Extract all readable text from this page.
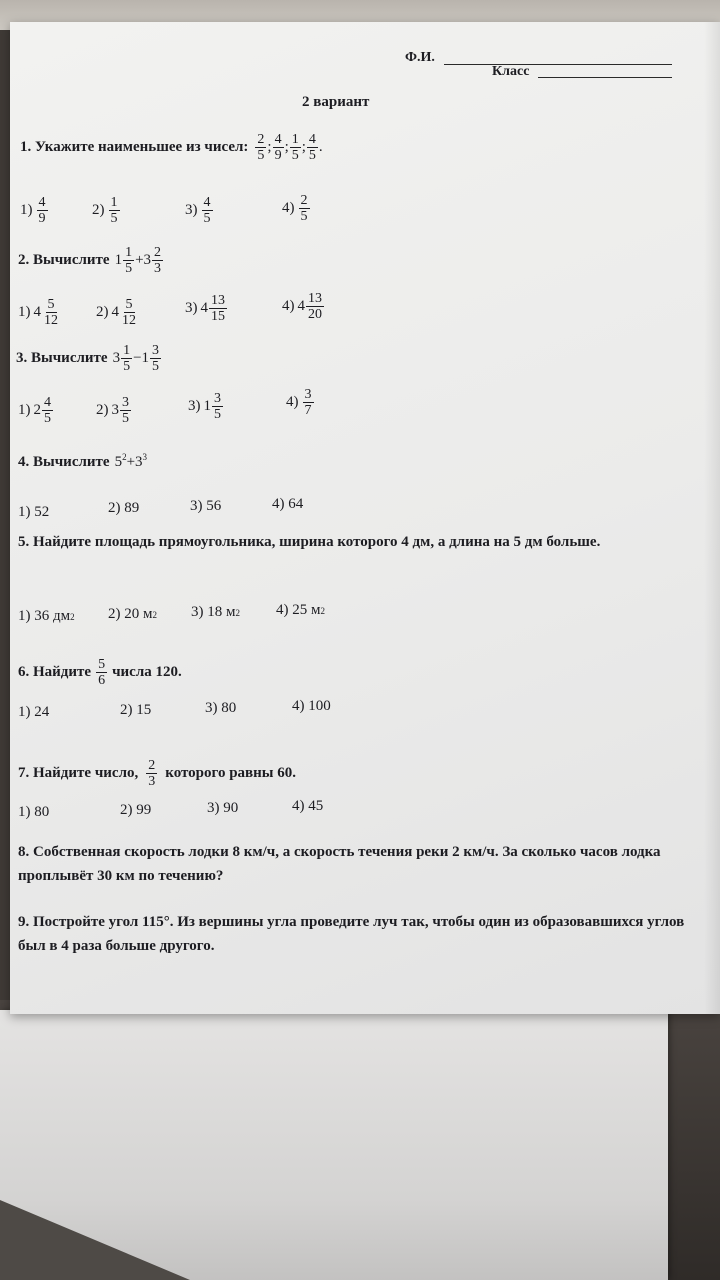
Ф.И.
Класс
2 вариант
1. Укажите наименьшее из чисел: $\frac{2}{5}$ ; $\frac{4}{9}$ ; $\frac{1}{5}$ ; $\frac{4}{5}$ .
$1) \frac{4}{9}$	$2) \frac{1}{5}$	$3) \frac{4}{5}$	$4) \frac{2}{5}$
2. Вычислите $1 \frac{1}{5} + 3 \frac{2}{3}$
1) $4 \frac{5}{12} 2$) $4 \frac{5}{12}$	3) $4 \frac{13}{15}$	4) $4 \frac{13}{20}$
3. Вычислите $3 \frac{1}{5} - 1 \frac{3}{5}$
1) $2 \frac{4}{5}$	2) $3 \frac{3}{5}$	3) $1 \frac{3}{5}$	$4) \frac{3}{7}$
4. Вычислите $5^2+3^3$
1) 52	2) 89	3) 56	4) 64
5. Найдите площадь прямоугольника, ширина которого 4 дм, а длина на 5 дм больше.
1) 36 дм 2 2) 20 м 2 3) 18 м 2 4) 25 м 2
6. Найдите $\frac{5}{6}$ числа 120.
1) 24	2) 15	3) 80	4) 100
7. Найдите число, $\frac{2}{3}$ которого равны 60.
1) 80	2) 99	3) 90	4) 45
8. Собственная скорость лодки 8 км/ч, а скорость течения реки 2 км/ч. За сколько часов лодка проплывёт 30 км по течению?
9. Постройте угол 115°. Из вершины угла проведите луч так, чтобы один из образовавшихся углов был в 4 раза больше другого.
